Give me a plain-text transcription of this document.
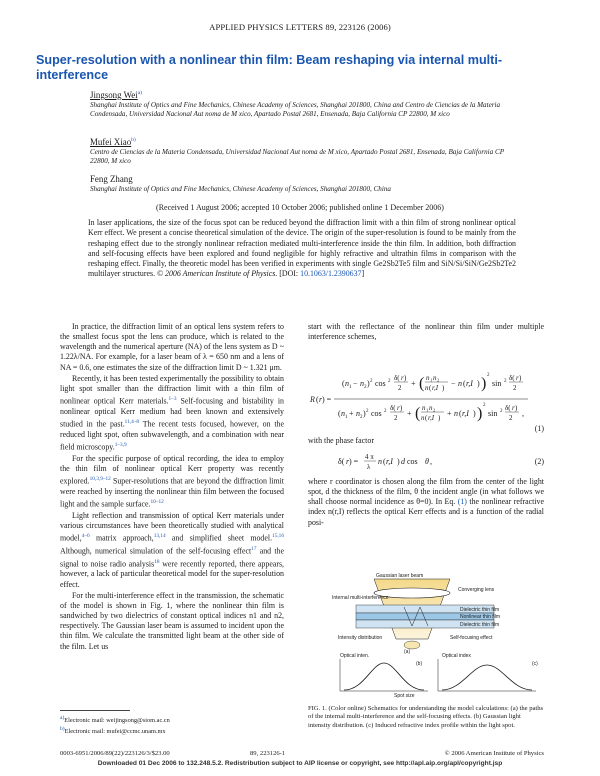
APPLIED PHYSICS LETTERS 89, 223126 (2006)
Super-resolution with a nonlinear thin film: Beam reshaping via internal multi-interference
Jingsong Wei$^{a)}$
Shanghai Institute of Optics and Fine Mechanics, Chinese Academy of Sciences, Shanghai 201800, China and Centro de Ciencias de la Materia Condensada, Universidad Nacional Aut noma de M xico, Apartado Postal 2681, Ensenada, Baja California CP 22800, M xico
Mufei Xiao$^{b)}$
Centro de Ciencias de la Materia Condensada, Universidad Nacional Aut noma de M xico, Apartado Postal 2681, Ensenada, Baja California CP 22800, M xico
Feng Zhang
Shanghai Institute of Optics and Fine Mechanics, Chinese Academy of Sciences, Shanghai 201800, China
(Received 1 August 2006; accepted 10 October 2006; published online 1 December 2006)
In laser applications, the size of the focus spot can be reduced beyond the diffraction limit with a thin film of strong nonlinear optical Kerr effect. We present a concise theoretical simulation of the device. The origin of the super-resolution is found to be mainly from the reshaping effect due to the strongly nonlinear refraction mediated multi-interference inside the thin film. In addition, both diffraction and self-focusing effects have been explored and found negligible for highly refractive and ultrathin films in comparison with the reshaping effect. Finally, the theoretic model has been verified in experiments with single Ge2Sb2Te5 film and SiN/Si/SiN/Ge2Sb2Te2 multilayer structures. © 2006 American Institute of Physics. [DOI: 10.1063/1.2390637]

In practice, the diffraction limit of an optical lens system refers to the smallest focus spot the lens can produce, which is related to the wavelength and the numerical aperture (NA) of the lens system as D ~ 1.22λ/NA. For example, for a laser beam of λ = 650 nm and a lens of NA = 0.6, one estimates the size of the diffraction limit D ~ 1.321 μm.

Recently, it has been tested experimentally the possibility to obtain light spot smaller than the diffraction limit with a thin film of nonlinear optical Kerr materials.$^{1-3}$ Self-focusing and bistability in nonlinear optical Kerr medium had been known and extensively studied in the past.$^{11,4-8}$ The recent tests focused, however, on the reduced light spot, often subwavelength, and a combination with near field microscopy.$^{1-3,9}$

For the specific purpose of optical recording, the idea to employ the thin film of nonlinear optical Kerr property was recently explored.$^{10,3,9-12}$ Super-resolutions that are beyond the diffraction limit were reached by inserting the nonlinear thin film between the focused light and the sample surface.$^{10-12}$

Light reflection and transmission of optical Kerr materials under various circumstances have been theoretically studied with analytical model,$^{4-6}$ matrix approach,$^{13,14}$ and simplified sheet model.$^{15,16}$ Although, numerical simulation of the self-focusing effect$^{17}$ and the signal to noise radio analysis$^{18}$ were recently reported, there appears, however, a lack of particular theoretical model for the super-resolution effect.

For the multi-interference effect in the transmission, the schematic of the model is shown in Fig. 1, where the nonlinear thin film is sandwiched by two dielectrics of constant optical indices n1 and n2, respectively. The Gaussian laser beam is assumed to incident upon the thin film. We calculate the transmitted light beam at the other side of the film. Let us

start with the reflectance of the nonlinear thin film under multiple interference schemes,
R ( r ) =
( n 1 − n 2 ) 2 cos 2 δ( r )
2 + ( n 1 n 2
n ( r,I ) − n ( r,I ) ) 2
sin 2 δ( r )
2
( n 1 + n 2 ) 2 cos 2 δ( r )
2 + ( n 1 n 2
n ( r,I ) + n ( r,I ) ) 2
sin 2 δ( r )
2 ,
(1)
with the phase factor
δ( r ) = 4 π
λ
n ( r,I ) d cos θ ,	(2)
where r coordinator is chosen along the film from the center of the light spot, d the thickness of the film, θ the incident angle (in what follows we shall choose normal incidence as θ=0). In Eq. (1) the nonlinear refractive index n(r,I) reflects the optical Kerr effects and is a function of the radial posi-
Gaussian laser beam
Converging lens
Internal multi-interference
Dielectric thin film
Nonlinear thin film
Dielectric thin film
Intensity distribution	Self-focusing effect
Optical inten.	Optical index
Spot size
(a)
(b)	(c)
FIG. 1. (Color online) Schematics for understanding the model calculations: (a) the paths of the internal multi-interference and the self-focusing effects. (b) Gaussian light intensity distribution. (c) Induced refractive index profile within the light spot.
a)Electronic mail: weijingsong@siom.ac.cn
b)Electronic mail: mufei@ccmc.unam.mx
0003-6951/2006/89(22)/223126/3/$23.00	89, 223126-1	© 2006 American Institute of Physics
Downloaded 01 Dec 2006 to 132.248.5.2. Redistribution subject to AIP license or copyright, see http://apl.aip.org/apl/copyright.jsp
